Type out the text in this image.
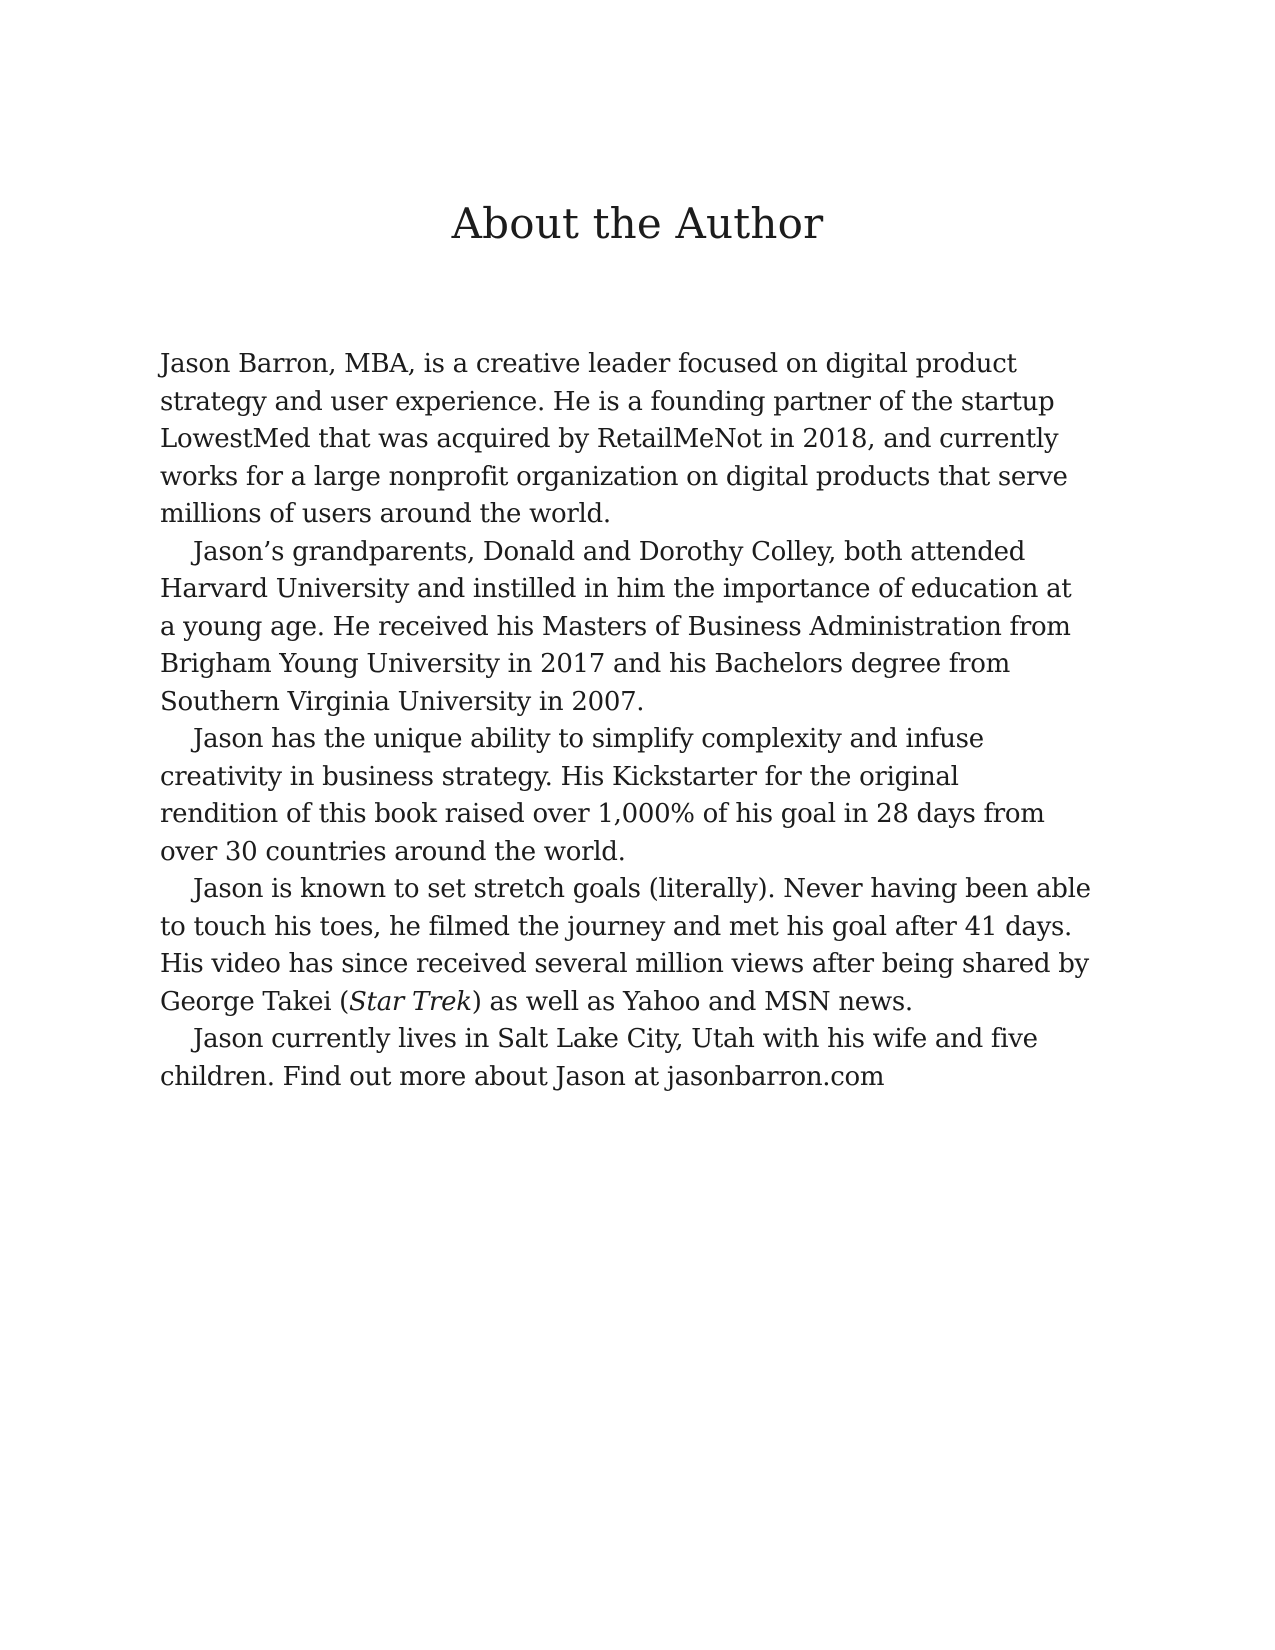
About the Author
Jason Barron, MBA, is a creative leader focused on digital product
strategy and user experience. He is a founding partner of the startup
LowestMed that was acquired by RetailMeNot in 2018, and currently
works for a large nonprofit organization on digital products that serve
millions of users around the world.
Jason’s grandparents, Donald and Dorothy Colley, both attended
Harvard University and instilled in him the importance of education at
a young age. He received his Masters of Business Administration from
Brigham Young University in 2017 and his Bachelors degree from
Southern Virginia University in 2007.
Jason has the unique ability to simplify complexity and infuse
creativity in business strategy. His Kickstarter for the original
rendition of this book raised over 1,000% of his goal in 28 days from
over 30 countries around the world.
Jason is known to set stretch goals (literally). Never having been able
to touch his toes, he filmed the journey and met his goal after 41 days.
His video has since received several million views after being shared by
George Takei (Star Trek) as well as Yahoo and MSN news.
Jason currently lives in Salt Lake City, Utah with his wife and five
children. Find out more about Jason at jasonbarron.com
